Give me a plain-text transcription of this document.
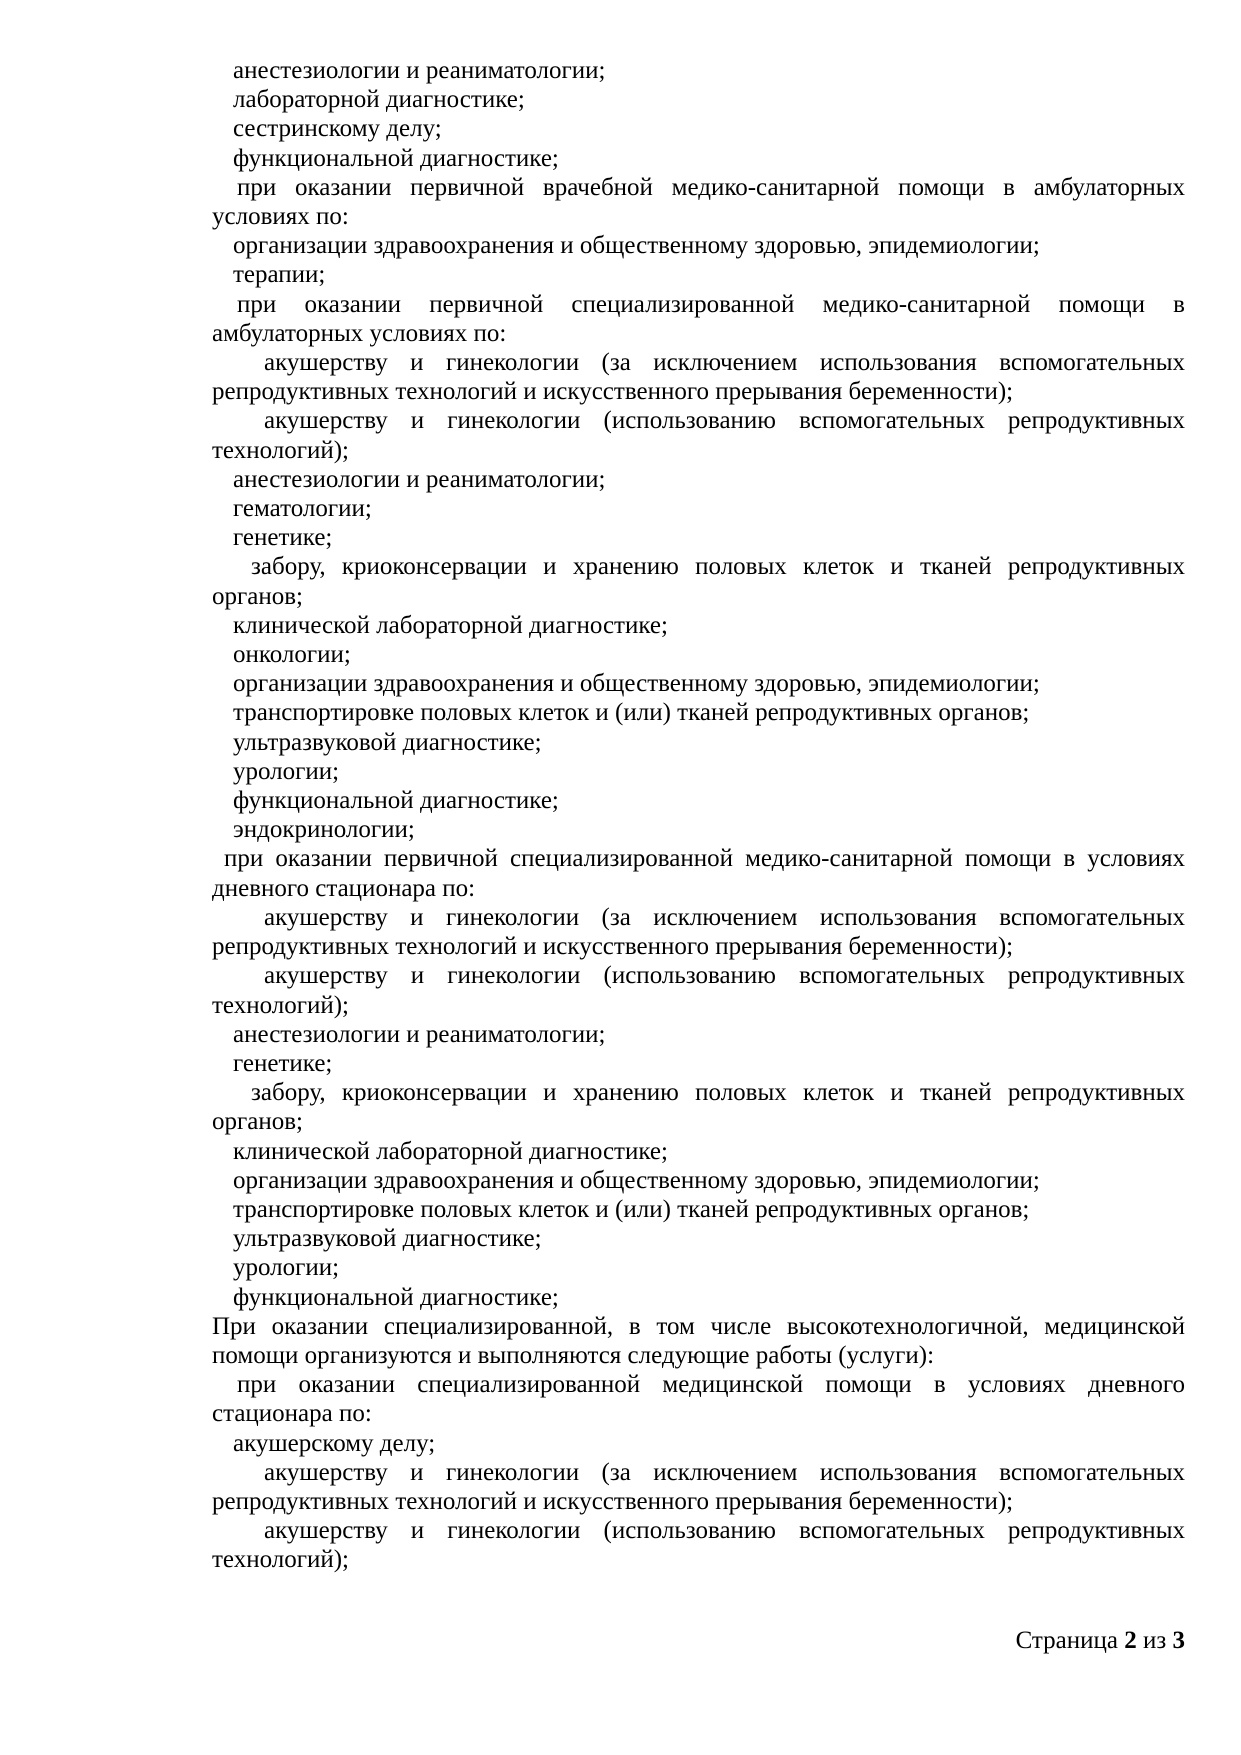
анестезиологии и реаниматологии;

лабораторной диагностике;

сестринскому делу;

функциональной диагностике;

при оказании первичной врачебной медико-санитарной помощи в амбулаторных условиях по:

организации здравоохранения и общественному здоровью, эпидемиологии;

терапии;

при оказании первичной специализированной медико-санитарной помощи в амбулаторных условиях по:

акушерству и гинекологии (за исключением использования вспомогательных репродуктивных технологий и искусственного прерывания беременности);

акушерству и гинекологии (использованию вспомогательных репродуктивных технологий);

анестезиологии и реаниматологии;

гематологии;

генетике;

забору, криоконсервации и хранению половых клеток и тканей репродуктивных органов;

клинической лабораторной диагностике;

онкологии;

организации здравоохранения и общественному здоровью, эпидемиологии;

транспортировке половых клеток и (или) тканей репродуктивных органов;

ультразвуковой диагностике;

урологии;

функциональной диагностике;

эндокринологии;

при оказании первичной специализированной медико-санитарной помощи в условиях дневного стационара по:

акушерству и гинекологии (за исключением использования вспомогательных репродуктивных технологий и искусственного прерывания беременности);

акушерству и гинекологии (использованию вспомогательных репродуктивных технологий);

анестезиологии и реаниматологии;

генетике;

забору, криоконсервации и хранению половых клеток и тканей репродуктивных органов;

клинической лабораторной диагностике;

организации здравоохранения и общественному здоровью, эпидемиологии;

транспортировке половых клеток и (или) тканей репродуктивных органов;

ультразвуковой диагностике;

урологии;

функциональной диагностике;

При оказании специализированной, в том числе высокотехнологичной, медицинской помощи организуются и выполняются следующие работы (услуги):

при оказании специализированной медицинской помощи в условиях дневного стационара по:

акушерскому делу;

акушерству и гинекологии (за исключением использования вспомогательных репродуктивных технологий и искусственного прерывания беременности);

акушерству и гинекологии (использованию вспомогательных репродуктивных технологий);

Страница 2 из 3
